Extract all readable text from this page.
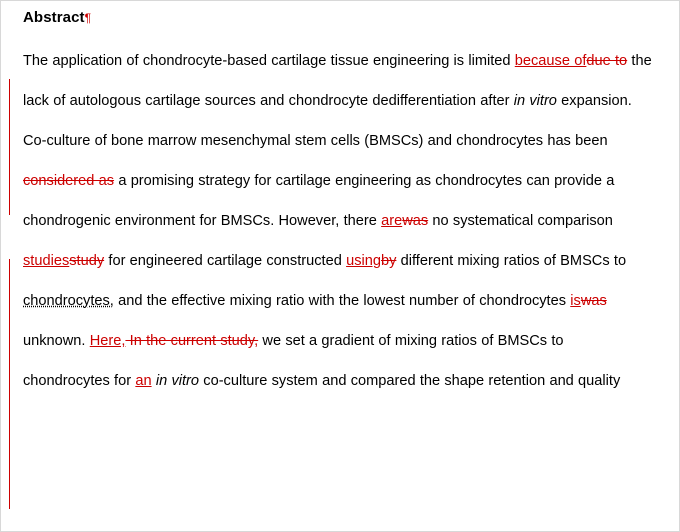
Abstract¶

The application of chondrocyte-based cartilage tissue engineering is limited because ofdue to the lack of autologous cartilage sources and chondrocyte dedifferentiation after in vitro expansion. Co-culture of bone marrow mesenchymal stem cells (BMSCs) and chondrocytes has been considered as a promising strategy for cartilage engineering as chondrocytes can provide a chondrogenic environment for BMSCs. However, there arewas no systematical comparison studiesstudy for engineered cartilage constructed usingby different mixing ratios of BMSCs to chondrocytes, and the effective mixing ratio with the lowest number of chondrocytes iswas unknown. Here, In the current study, we set a gradient of mixing ratios of BMSCs to chondrocytes for an in vitro co-culture system and compared the shape retention and quality
